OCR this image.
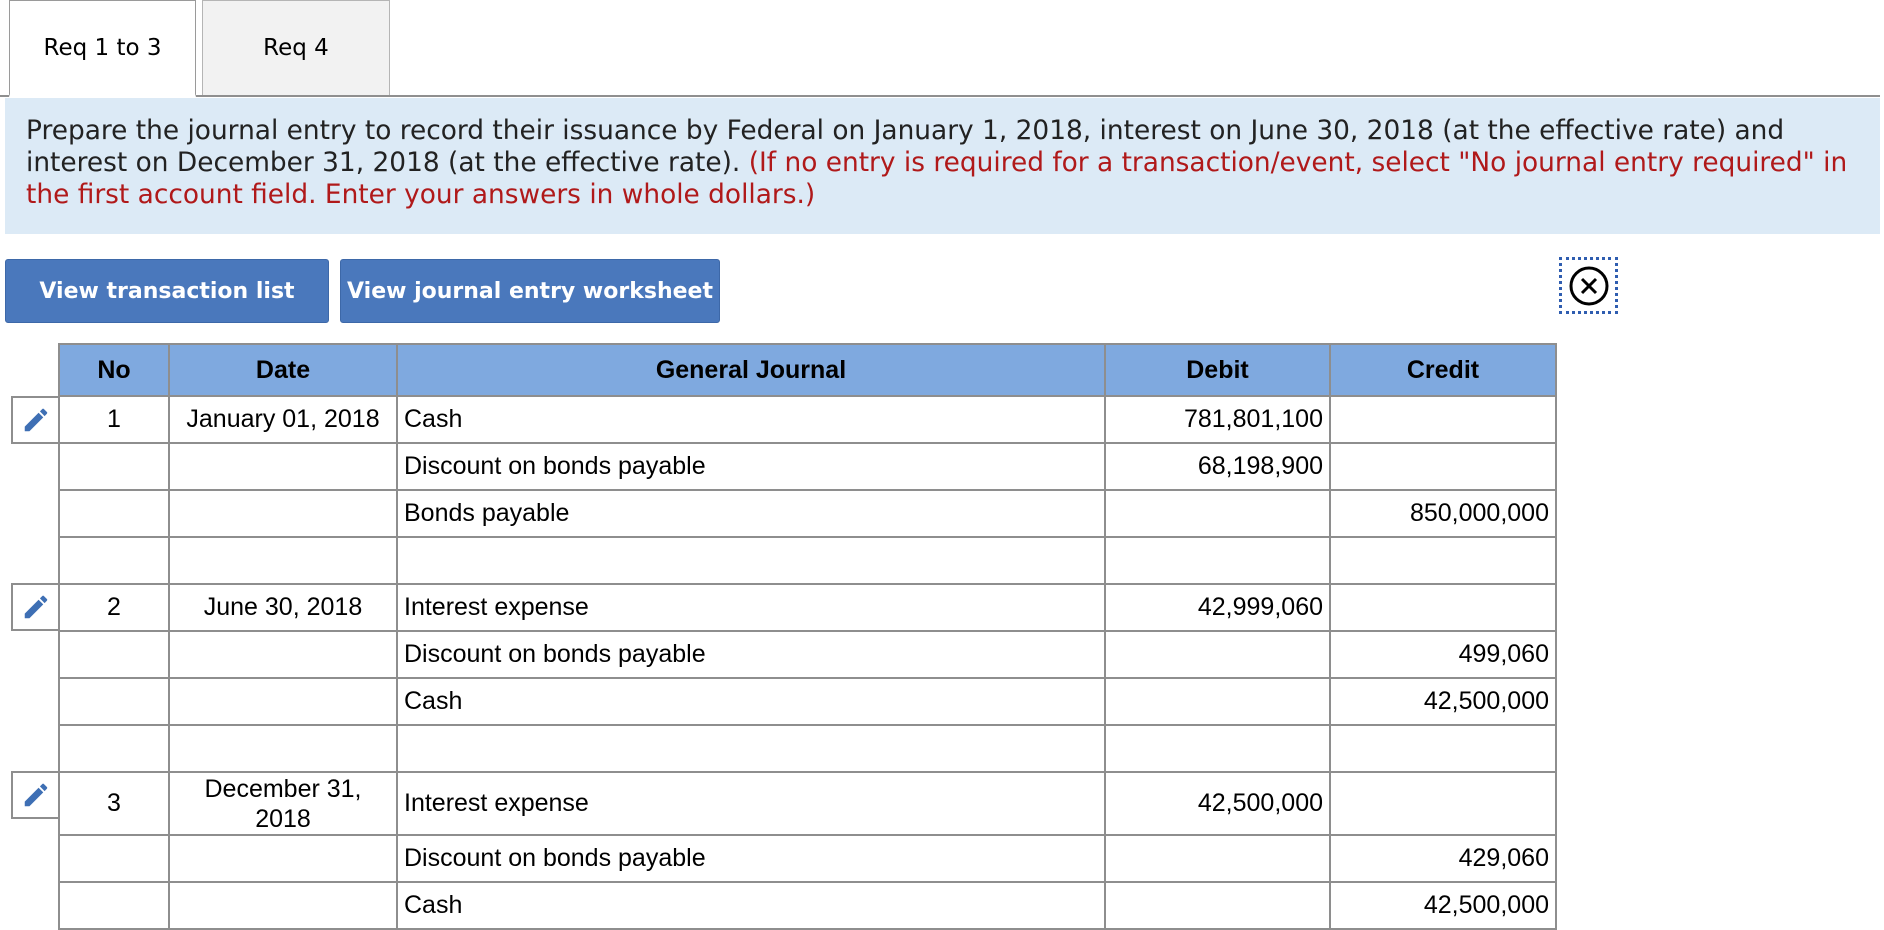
Req 1 to 3	Req 4
Prepare the journal entry to record their issuance by Federal on January 1, 2018, interest on June 30, 2018 (at the effective rate) and interest on December 31, 2018 (at the effective rate). (If no entry is required for a transaction/event, select "No journal entry required" in the first account field. Enter your answers in whole dollars.)
View transaction list	View journal entry worksheet
No	Date	General Journal	Debit	Credit
1	January 01, 2018	Cash	781,801,100	
		Discount on bonds payable	68,198,900	
		Bonds payable		850,000,000

2	June 30, 2018	Interest expense	42,999,060	
		Discount on bonds payable		499,060
		Cash		42,500,000

3	December 31, 2018	Interest expense	42,500,000	
		Discount on bonds payable		429,060
		Cash		42,500,000
